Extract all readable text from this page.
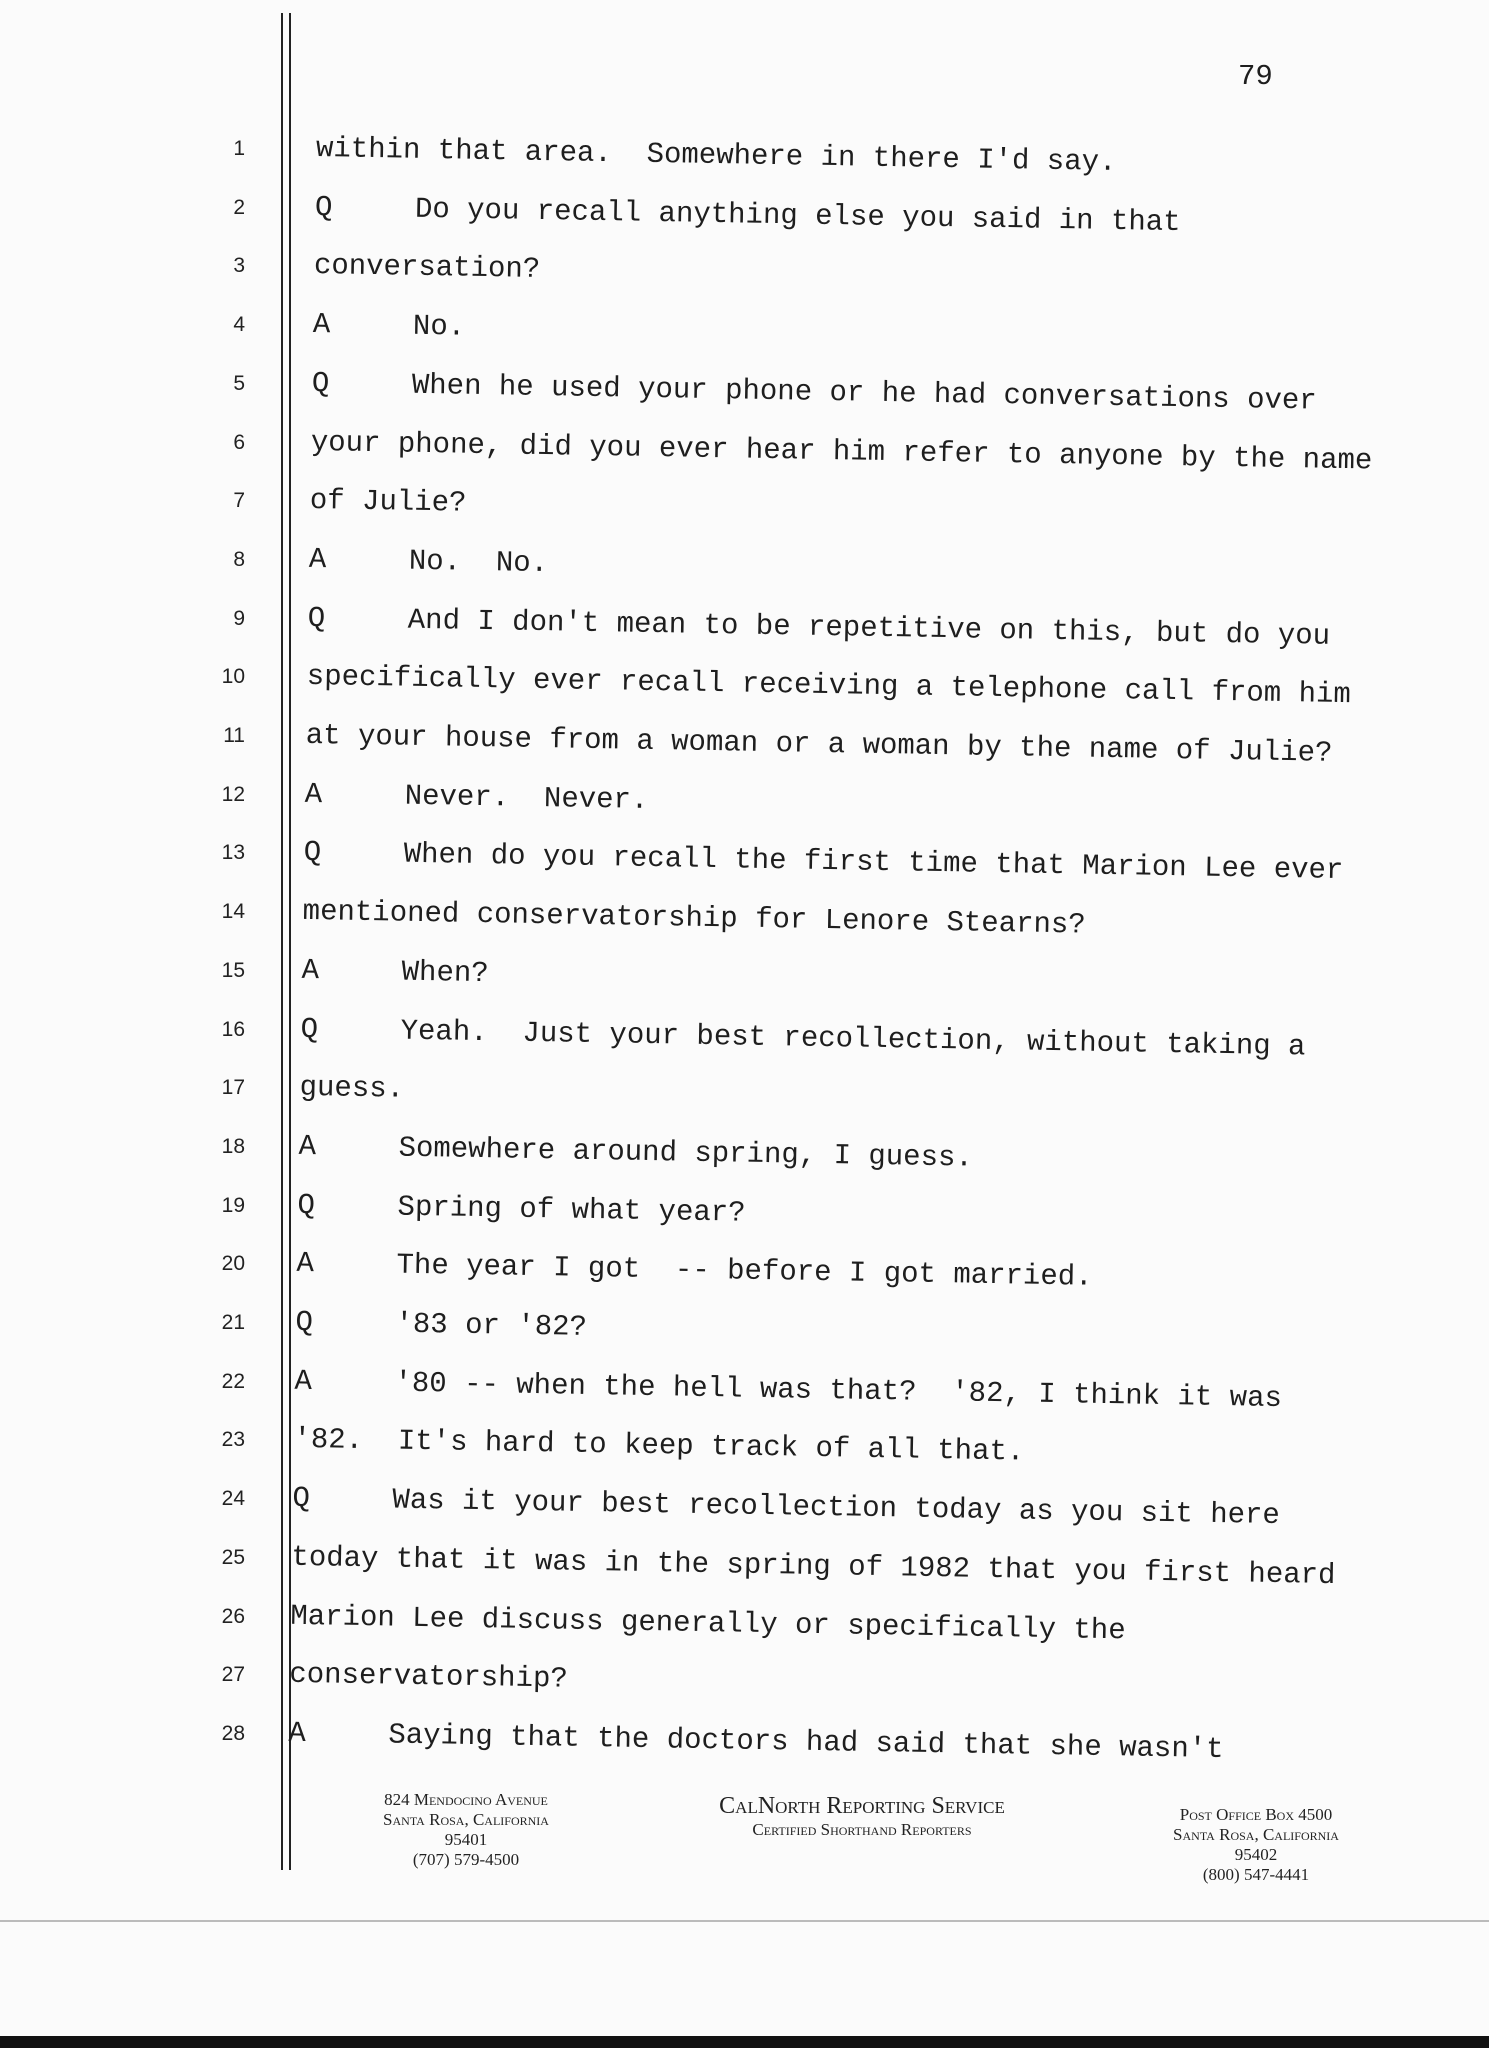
79
1
2
3
4
5
6
7
8
9
10
11
12
13
14
15
16
17
18
19
20
21
22
23
24
25
26
27
28
within that area.  Somewhere in there I'd say.
Q	Do you recall anything else you said in that
conversation?
A	No.
Q	When he used your phone or he had conversations over
your phone, did you ever hear him refer to anyone by the name
of Julie?
A	No.  No.
Q	And I don't mean to be repetitive on this, but do you
specifically ever recall receiving a telephone call from him
at your house from a woman or a woman by the name of Julie?
A	Never.  Never.
Q	When do you recall the first time that Marion Lee ever
mentioned conservatorship for Lenore Stearns?
A	When?
Q	Yeah.  Just your best recollection, without taking a
guess.
A	Somewhere around spring, I guess.
Q	Spring of what year?
A	The year I got  -- before I got married.
Q	'83 or '82?
A	'80 -- when the hell was that?  '82, I think it was
'82.  It's hard to keep track of all that.
Q	Was it your best recollection today as you sit here
today that it was in the spring of 1982 that you first heard
Marion Lee discuss generally or specifically the
conservatorship?
A	Saying that the doctors had said that she wasn't
824 Mendocino Avenue
Santa Rosa, California
95401
(707) 579-4500
CalNorth Reporting Service
Certified Shorthand Reporters
Post Office Box 4500
Santa Rosa, California
95402
(800) 547-4441
